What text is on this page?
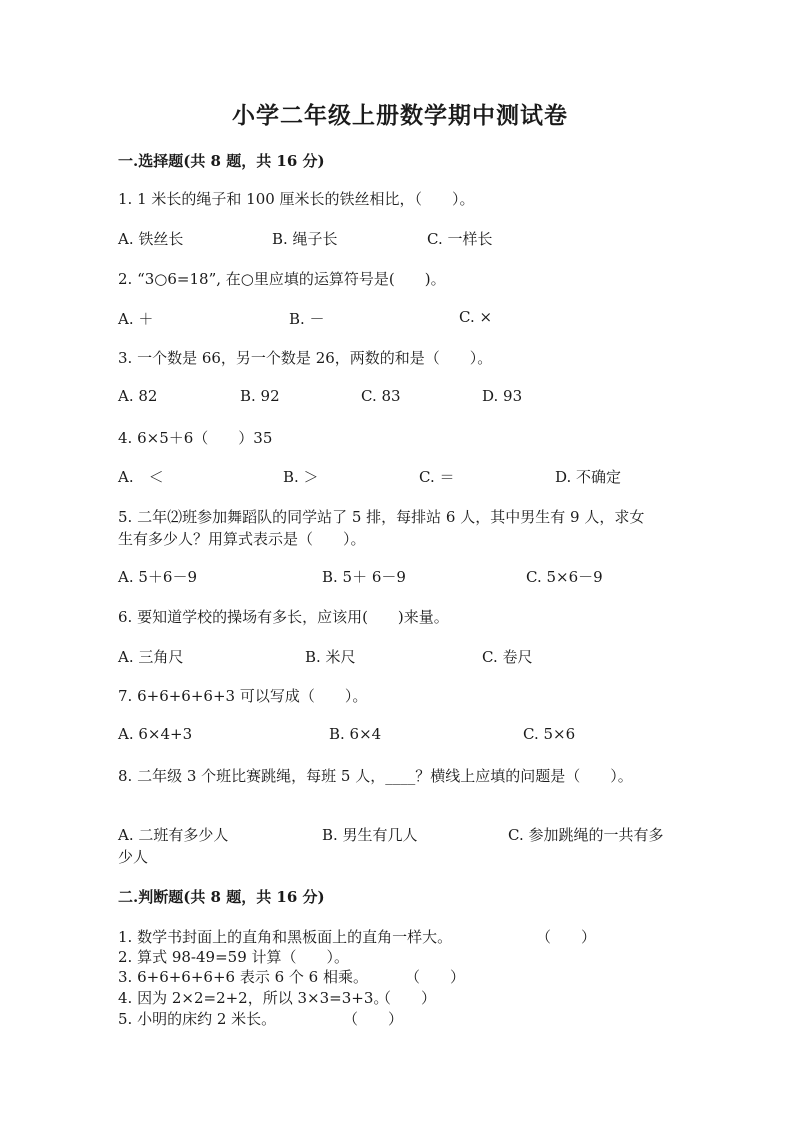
小学二年级上册数学期中测试卷
一.选择题(共 8 题，共 16 分)
1. 1 米长的绳子和 100 厘米长的铁丝相比，（　　）。
A. 铁丝长	B. 绳子长	C. 一样长
2. “3○6=18”, 在○里应填的运算符号是(　　)。
A. ＋	B. －	C. ×
3. 一个数是 66，另一个数是 26，两数的和是（　　）。
A. 82	B. 92	C. 83	D. 93
4. 6×5＋6（　　）35
A.　＜	B. ＞	C. ＝	D. 不确定
5. 二年⑵班参加舞蹈队的同学站了 5 排，每排站 6 人，其中男生有 9 人，求女
生有多少人？用算式表示是（　　）。
A. 5＋6－9	B. 5＋ 6－9	C. 5×6－9
6. 要知道学校的操场有多长，应该用(　　)来量。
A. 三角尺	B. 米尺	C. 卷尺
7. 6+6+6+6+3 可以写成（　　）。
A. 6×4+3	B. 6×4	C. 5×6
8. 二年级 3 个班比赛跳绳，每班 5 人，____？横线上应填的问题是（　　）。
A. 二班有多少人	B. 男生有几人	C. 参加跳绳的一共有多
少人
二.判断题(共 8 题，共 16 分)
1. 数学书封面上的直角和黑板面上的直角一样大。	（　　）
2. 算式 98-49=59 计算（　　）。
3. 6+6+6+6+6 表示 6 个 6 相乘。 （　　）
4. 因为 2×2=2+2，所以 3×3=3+3。
（　　）
5. 小明的床约 2 米长。	（　　）
